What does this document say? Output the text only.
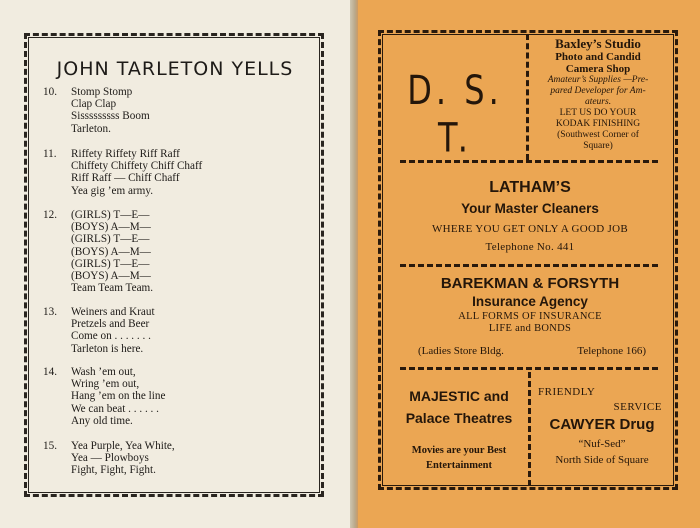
JOHN TARLETON YELLS
10.	Stomp Stomp
Clap Clap
Sisssssssss Boom
Tarleton.
11.	Riffety Riffety Riff Raff
Chiffety Chiffety Chiff Chaff
Riff Raff — Chiff Chaff
Yea gig ’em army.
12.	(GIRLS) T—E—
(BOYS) A—M—
(GIRLS) T—E—
(BOYS) A—M—
(GIRLS) T—E—
(BOYS) A—M—
Team Team Team.
13.	Weiners and Kraut
Pretzels and Beer
Come on . . . . . . .
Tarleton is here.
14.	Wash ’em out,
Wring ’em out,
Hang ’em on the line
We can beat . . . . . .
Any old time.
15.	Yea Purple, Yea White,
Yea — Plowboys
Fight, Fight, Fight.
D. S. T.
Baxley’s Studio
Photo and Candid
Camera Shop
Amateur’s Supplies —Pre-
pared Developer for Am-
ateurs.
LET US DO YOUR
KODAK FINISHING
(Southwest Corner of
Square)
LATHAM’S
Your Master Cleaners
WHERE YOU GET ONLY A GOOD JOB
Telephone No. 441
BAREKMAN & FORSYTH
Insurance Agency
ALL FORMS OF INSURANCE
LIFE and BONDS
(Ladies Store Bldg.	Telephone 166)
MAJESTIC and
Palace Theatres
Movies are your Best
Entertainment
FRIENDLY
SERVICE
CAWYER Drug
“Nuf-Sed”
North Side of Square
